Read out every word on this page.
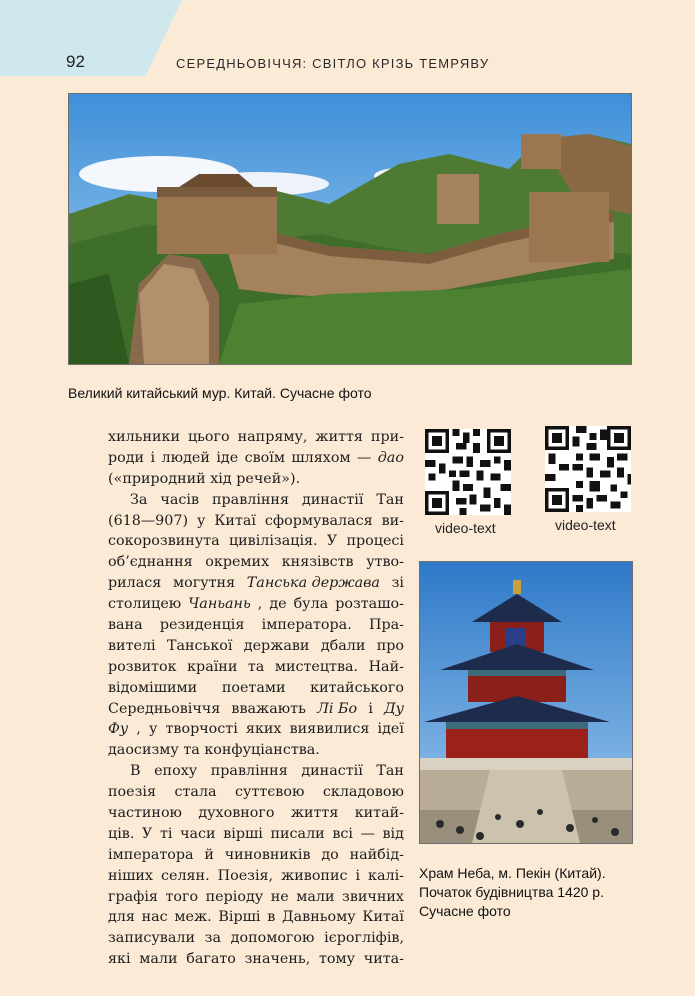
92	СЕРЕДНЬОВІЧЧЯ: СВІТЛО КРІЗЬ ТЕМРЯВУ
Великий китайський мур. Китай. Сучасне фото
video-text	video-text
Храм Неба, м. Пекін (Китай).
Початок будівництва 1420 р.
Сучасне фото
хильники цього напряму, життя при-
роди і людей іде своїм шляхом — дао
(«природний хід речей»).
За часів правління династії Тан
(618—907) у Китаї сформувалася ви-
сокорозвинута цивілізація. У процесі
об’єднання окремих князівств утво-
рилася могутня Танська держава зі
столицею Чаньань , де була розташо-
вана резиденція імператора. Пра-
вителі Танської держави дбали про
розвиток країни та мистецтва. Най-
відомішими поетами китайського
Середньовіччя вважають Лі Бо і Ду
Фу , у творчості яких виявилися ідеї
даосизму та конфуціанства.
В епоху правління династії Тан
поезія стала суттєвою складовою
частиною духовного життя китай-
ців. У ті часи вірші писали всі — від
імператора й чиновників до найбід-
ніших селян. Поезія, живопис і калі-
графія того періоду не мали звичних
для нас меж. Вірші в Давньому Китаї
записували за допомогою ієрогліфів,
які мали багато значень, тому чита-
